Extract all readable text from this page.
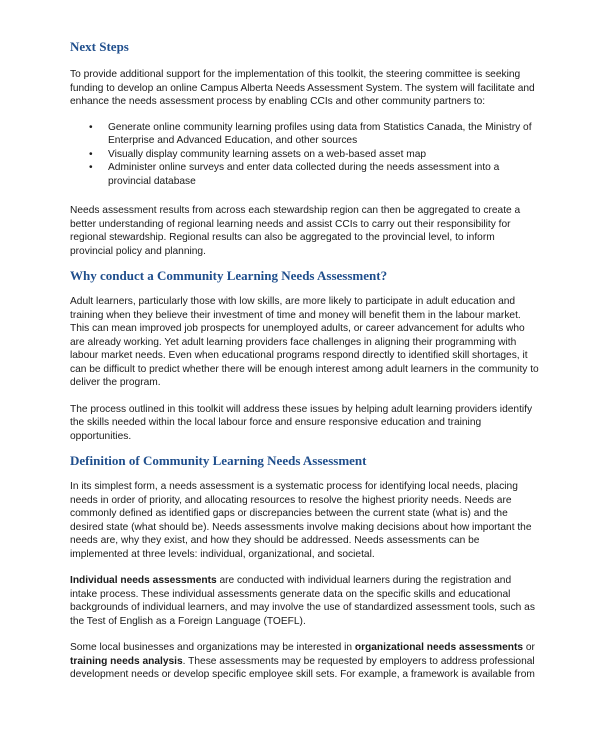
Next Steps

To provide additional support for the implementation of this toolkit, the steering committee is seeking funding to develop an online Campus Alberta Needs Assessment System. The system will facilitate and enhance the needs assessment process by enabling CCIs and other community partners to:

• Generate online community learning profiles using data from Statistics Canada, the Ministry of Enterprise and Advanced Education, and other sources
• Visually display community learning assets on a web-based asset map
• Administer online surveys and enter data collected during the needs assessment into a provincial database

Needs assessment results from across each stewardship region can then be aggregated to create a better understanding of regional learning needs and assist CCIs to carry out their responsibility for regional stewardship. Regional results can also be aggregated to the provincial level, to inform provincial policy and planning.

Why conduct a Community Learning Needs Assessment?

Adult learners, particularly those with low skills, are more likely to participate in adult education and training when they believe their investment of time and money will benefit them in the labour market. This can mean improved job prospects for unemployed adults, or career advancement for adults who are already working. Yet adult learning providers face challenges in aligning their programming with labour market needs. Even when educational programs respond directly to identified skill shortages, it can be difficult to predict whether there will be enough interest among adult learners in the community to deliver the program.

The process outlined in this toolkit will address these issues by helping adult learning providers identify the skills needed within the local labour force and ensure responsive education and training opportunities.

Definition of Community Learning Needs Assessment

In its simplest form, a needs assessment is a systematic process for identifying local needs, placing needs in order of priority, and allocating resources to resolve the highest priority needs. Needs are commonly defined as identified gaps or discrepancies between the current state (what is) and the desired state (what should be). Needs assessments involve making decisions about how important the needs are, why they exist, and how they should be addressed. Needs assessments can be implemented at three levels: individual, organizational, and societal.

Individual needs assessments are conducted with individual learners during the registration and intake process. These individual assessments generate data on the specific skills and educational backgrounds of individual learners, and may involve the use of standardized assessment tools, such as the Test of English as a Foreign Language (TOEFL).

Some local businesses and organizations may be interested in organizational needs assessments or training needs analysis. These assessments may be requested by employers to address professional development needs or develop specific employee skill sets. For example, a framework is available from
